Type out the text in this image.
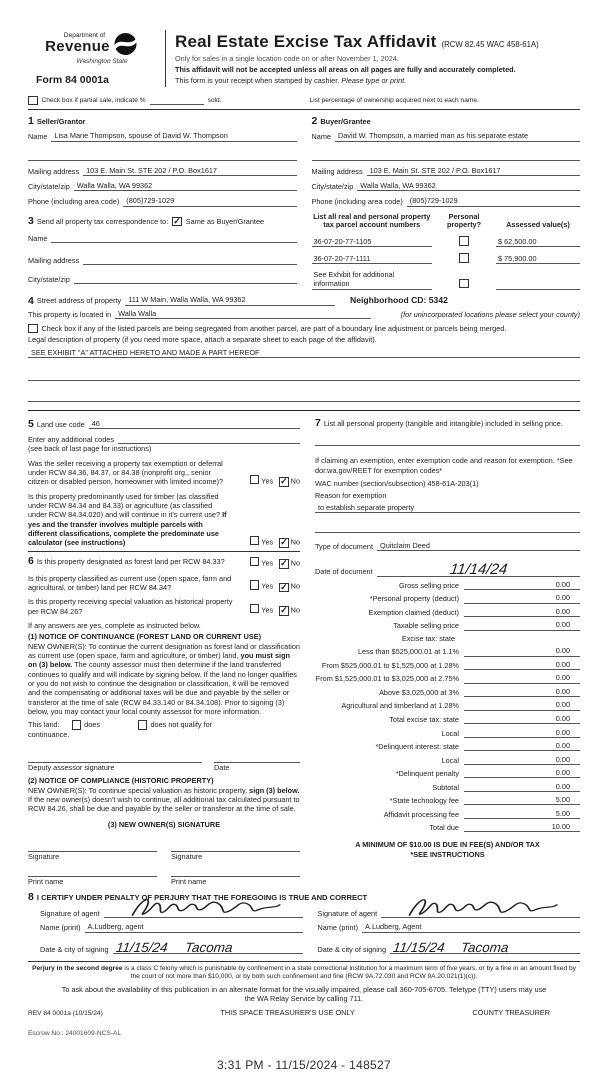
Department of
Revenue
Washington State
Form 84 0001a
Real Estate Excise Tax Affidavit (RCW 82.45 WAC 458-61A)
Only for sales in a single location code on or after November 1, 2024.
This affidavit will not be accepted unless all areas on all pages are fully and accurately completed.
This form is your receipt when stamped by cashier. Please type or print.
Check box if partial sale, indicate %	sold.	List percentage of ownership acquired next to each name.
1 Seller/Grantor
Name Lisa Marie Thompson, spouse of David W. Thompson
Mailing address 103 E. Main St. STE 202 / P.O. Box1617
City/state/zip Walla Walla, WA 99362
Phone (including area code) (805)729-1029
2 Buyer/Grantee
Name David W. Thompson, a married man as his separate estate
Mailing address 103 E. Main St. STE 202 / P.O. Box1617
City/state/zip Walla Walla, WA 99362
Phone (including area code) (805)729-1029
3 Send all property tax correspondence to: ✓ Same as Buyer/Grantee
Name
Mailing address
City/state/zip
List all real and personal property tax parcel account numbers
Personal property?	Assessed value(s)
36-07-20-77-1105	$ 62,500.00
36-07-20-77-1111	$ 75,900.00
See Exhibit for additional information
4 Street address of property 111 W Main, Walla Walla, WA 99362	Neighborhood CD: 5342
This property is located in Walla Walla	(for unincorporated locations please select your county)
Check box if any of the listed parcels are being segregated from another parcel, are part of a boundary line adjustment or parcels being merged.
Legal description of property (if you need more space, attach a separate sheet to each page of the affidavit).
SEE EXHIBIT "A" ATTACHED HERETO AND MADE A PART HEREOF
5 Land use code 46
Enter any additional codes
(see back of last page for instructions)
Was the seller receiving a property tax exemption or deferral under RCW 84.36, 84.37, or 84.38 (nonprofit org., senior citizen or disabled person, homeowner with limited income)?	Yes ✓ No
Is this property predominantly used for timber (as classified under RCW 84.34 and 84.33) or agriculture (as classified under RCW 84.34.020) and will continue in it's current use? If yes and the transfer involves multiple parcels with different classifications, complete the predominate use calculator (see instructions)	Yes ✓ No
6 Is this property designated as forest land per RCW 84.33?	Yes ✓ No
Is this property classified as current use (open space, farm and agricultural, or timber) land per RCW 84.34?	Yes ✓ No
Is this property receiving special valuation as historical property per RCW 84.26?	Yes ✓ No
If any answers are yes, complete as instructed below.
(1) NOTICE OF CONTINUANCE (FOREST LAND OR CURRENT USE)

NEW OWNER(S): To continue the current designation as forest land or classification as current use (open space, farm and agriculture, or timber) land, you must sign on (3) below. The county assessor must then determine if the land transferred continues to qualify and will indicate by signing below. If the land no longer qualifies or you do not wish to continue the designation or classification, it will be removed and the compensating or additional taxes will be due and payable by the seller or transferor at the time of sale (RCW 84.33.140 or 84.34.108). Prior to signing (3) below, you may contact your local county assessor for more information.

This land:	does	does not qualify for
continuance.
Deputy assessor signature	Date
(2) NOTICE OF COMPLIANCE (HISTORIC PROPERTY)

NEW OWNER(S): To continue special valuation as historic property, sign (3) below. If the new owner(s) doesn't wish to continue, all additional tax calculated pursuant to RCW 84.26, shall be due and payable by the seller or transferor at the time of sale.

(3) NEW OWNER(S) SIGNATURE
Signature	Signature
Print name	Print name
7 List all personal property (tangible and intangible) included in selling price.

If claiming an exemption, enter exemption code and reason for exemption. *See dor.wa.gov/REET for exemption codes*

WAC number (section/subsection) 458-61A-203(1)
Reason for exemption
to establish separate property
Type of document Quitclaim Deed
Date of document	11/14/24
Gross selling price	0.00
*Personal property (deduct)	0.00
Exemption claimed (deduct)	0.00
Taxable selling price	0.00
Excise tax: state
Less than $525,000.01 at 1.1%	0.00
From $525,000.01 to $1,525,000 at 1.28%	0.00
From $1,525,000.01 to $3,025,000 at 2.75%	0.00
Above $3,025,000 at 3%	0.00
Agricultural and timberland at 1.28%	0.00
Total excise tax: state	0.00
Local	0.00
*Delinquent interest: state	0.00
Local	0.00
*Delinquent penalty	0.00
Subtotal	0.00
*State technology fee	5.00
Affidavit processing fee	5.00
Total due	10.00
A MINIMUM OF $10.00 IS DUE IN FEE(S) AND/OR TAX
*SEE INSTRUCTIONS
8 I CERTIFY UNDER PENALTY OF PERJURY THAT THE FOREGOING IS TRUE AND CORRECT
Signature of agent
Name (print) A.Ludberg, agent
Date & city of signing 11/15/24 Tacoma
Signature of agent
Name (print) A.Ludberg, Agent
Date & city of signing 11/15/24 Tacoma

Perjury in the second degree is a class C felony which is punishable by confinement in a state correctional institution for a maximum term of five years, or by a fine in an amount fixed by the court of not more than $10,000, or by both such confinement and fine (RCW 9A.72.030 and RCW 9A.20.021(1)(c)).

To ask about the availability of this publication in an alternate format for the visually impaired, please call 360-705-6705. Teletype (TTY) users may use the WA Relay Service by calling 711.

REV 84 0001a (10/15/24)	THIS SPACE TREASURER'S USE ONLY	COUNTY TREASURER
Escrow No.: 24001609-NCS-AL
3:31 PM - 11/15/2024 - 148527
